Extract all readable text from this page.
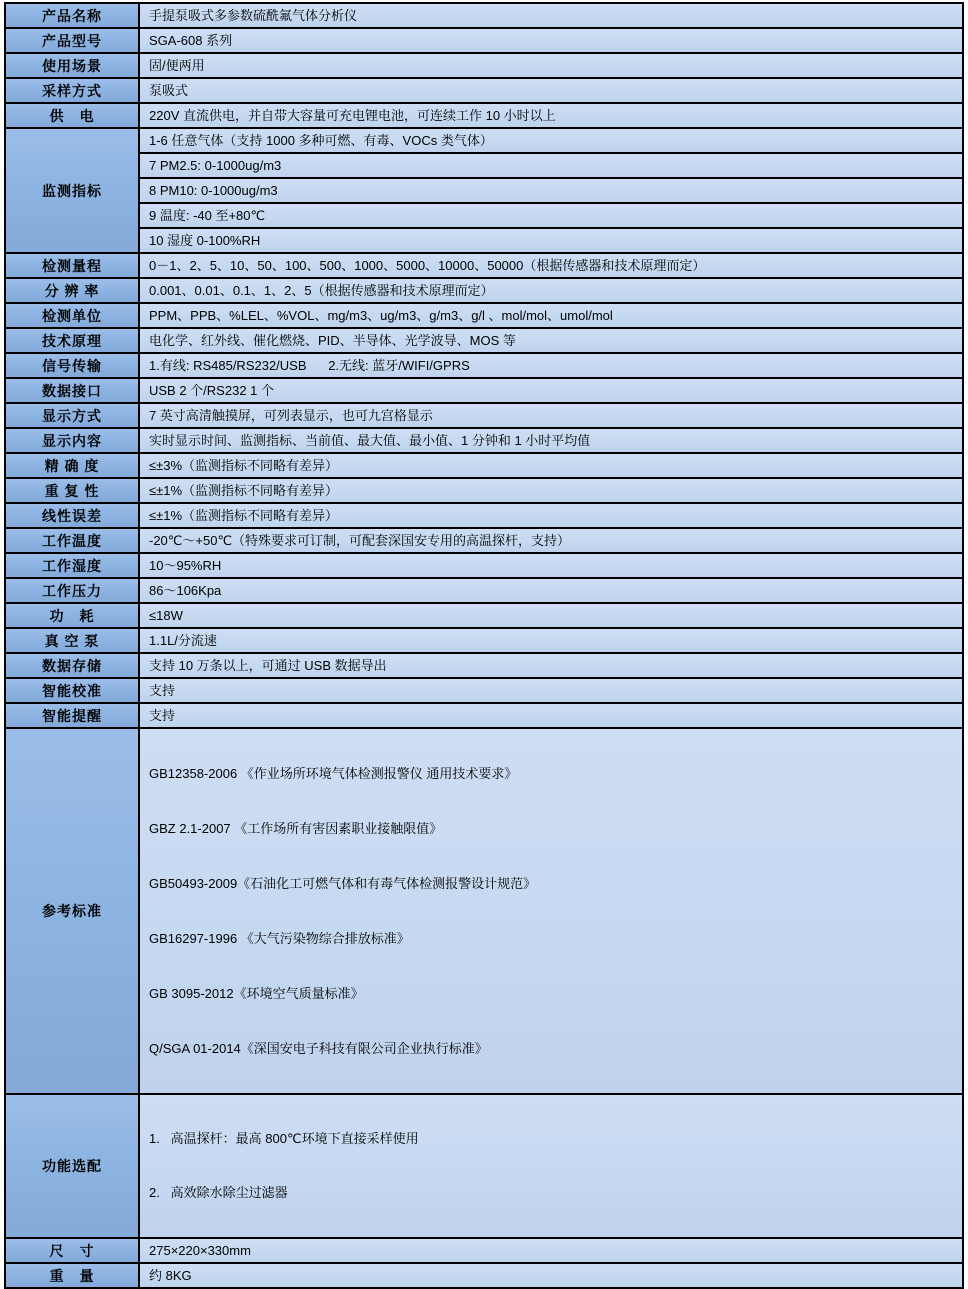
产品名称	手提泵吸式多参数硫酰氟气体分析仪
产品型号	SGA-608 系列
使用场景	固/便两用
采样方式	泵吸式
供　电	220V 直流供电，并自带大容量可充电锂电池，可连续工作 10 小时以上
监测指标	1-6 任意气体（支持 1000 多种可燃、有毒、VOCs 类气体）
	7 PM2.5: 0-1000ug/m3
	8 PM10: 0-1000ug/m3
	9 温度: -40 至+80℃
	10 湿度 0-100%RH
检测量程	0－1、2、5、10、50、100、500、1000、5000、10000、50000（根据传感器和技术原理而定）
分 辨 率	0.001、0.01、0.1、1、2、5（根据传感器和技术原理而定）
检测单位	PPM、PPB、%LEL、%VOL、mg/m3、ug/m3、g/m3、g/l 、mol/mol、umol/mol
技术原理	电化学、红外线、催化燃烧、PID、半导体、光学波导、MOS 等
信号传输	1.有线: RS485/RS232/USB      2.无线: 蓝牙/WIFI/GPRS
数据接口	USB 2 个/RS232 1 个
显示方式	7 英寸高清触摸屏，可列表显示，也可九宫格显示
显示内容	实时显示时间、监测指标、当前值、最大值、最小值、1 分钟和 1 小时平均值
精 确 度	≤±3%（监测指标不同略有差异）
重 复 性	≤±1%（监测指标不同略有差异）
线性误差	≤±1%（监测指标不同略有差异）
工作温度	-20℃～+50℃（特殊要求可订制，可配套深国安专用的高温探杆，支持）
工作湿度	10～95%RH
工作压力	86～106Kpa
功　耗	≤18W
真 空 泵	1.1L/分流速
数据存储	支持 10 万条以上，可通过 USB 数据导出
智能校准	支持
智能提醒	支持
参考标准	

GB12358-2006 《作业场所环境气体检测报警仪 通用技术要求》

GBZ 2.1-2007 《工作场所有害因素职业接触限值》

GB50493-2009《石油化工可燃气体和有毒气体检测报警设计规范》

GB16297-1996 《大气污染物综合排放标准》

GB 3095-2012《环境空气质量标准》

Q/SGA 01-2014《深国安电子科技有限公司企业执行标准》

功能选配	1.   高温探杆：最高 800℃环境下直接采样使用

2.   高效除水除尘过滤器

尺　寸	275×220×330mm
重　量	约 8KG
